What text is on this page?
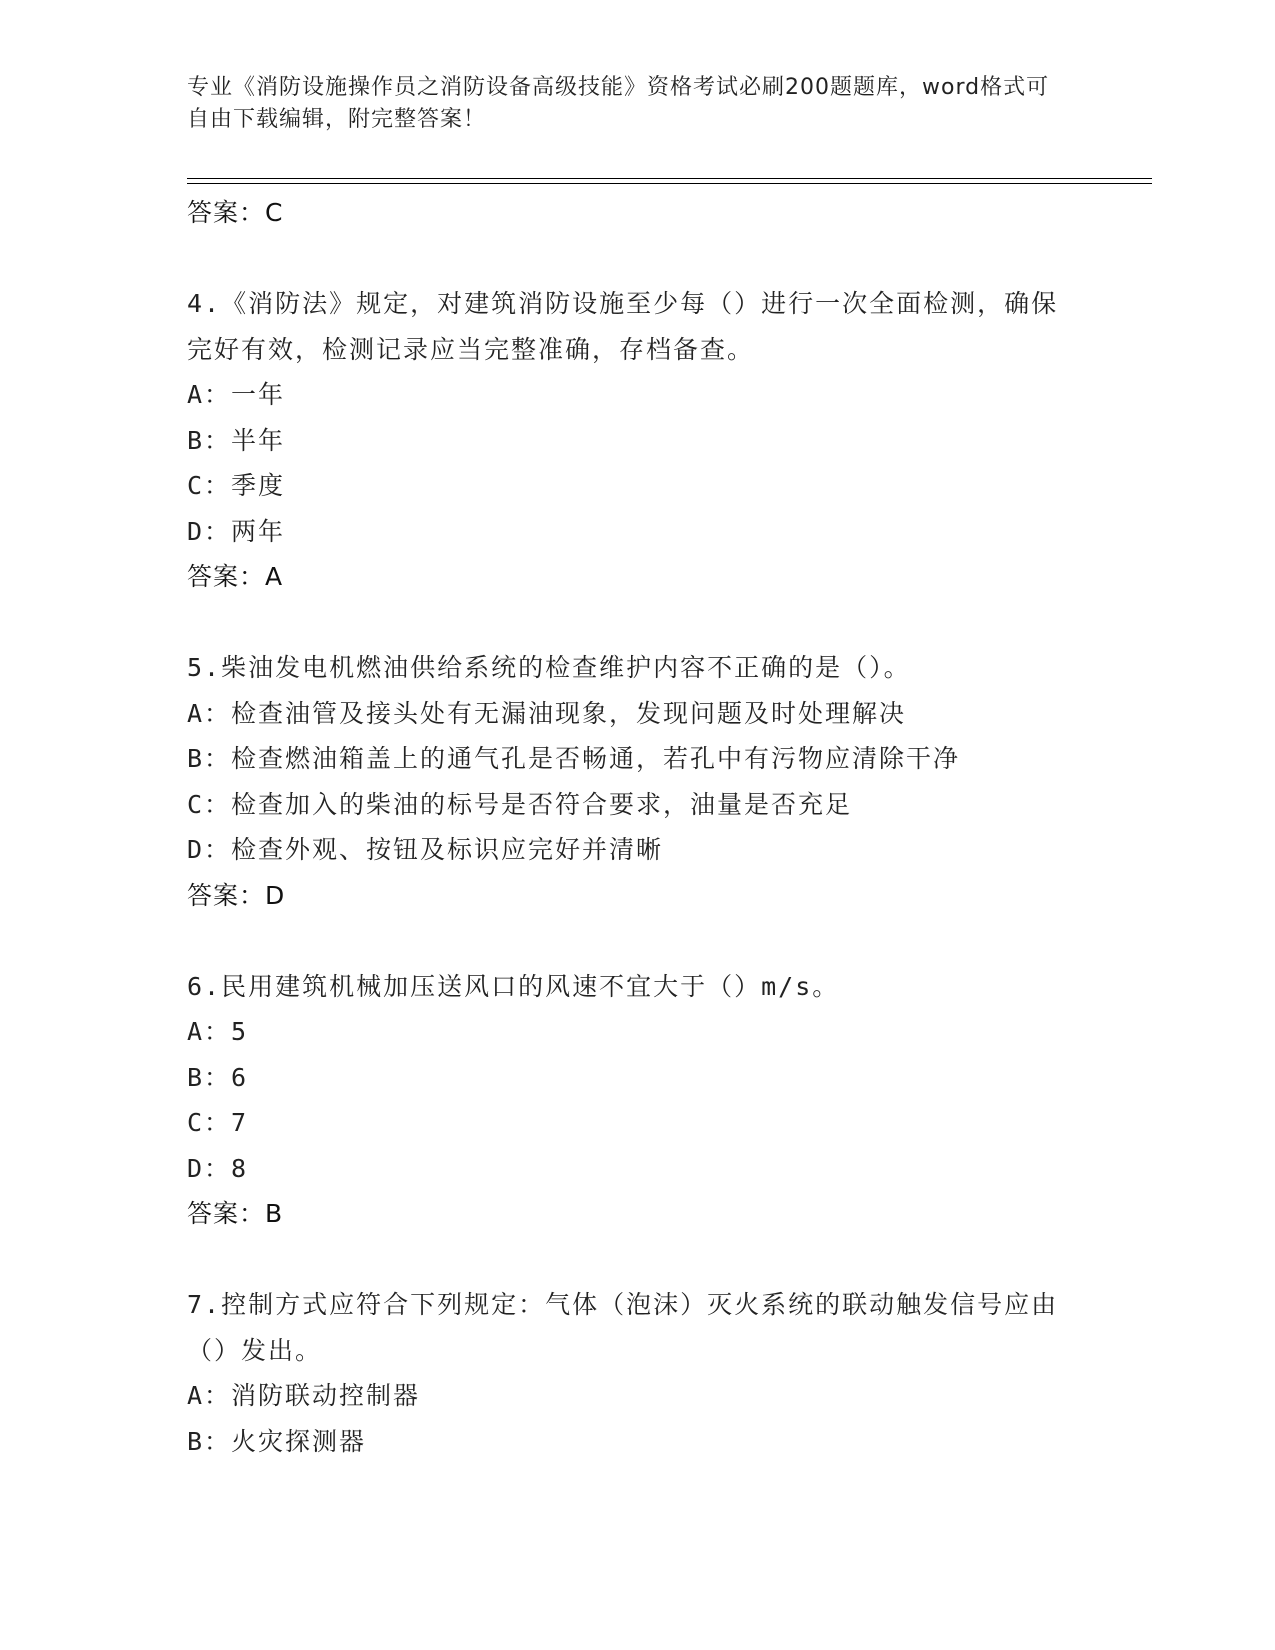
专业《消防设施操作员之消防设备高级技能》资格考试必刷200题题库，word格式可自由下载编辑，附完整答案！
答案：C
4.《消防法》规定，对建筑消防设施至少每（）进行一次全面检测，确保完好有效，检测记录应当完整准确，存档备查。
A：一年
B：半年
C：季度
D：两年
答案：A
5.柴油发电机燃油供给系统的检查维护内容不正确的是（）。
A：检查油管及接头处有无漏油现象，发现问题及时处理解决
B：检查燃油箱盖上的通气孔是否畅通，若孔中有污物应清除干净
C：检查加入的柴油的标号是否符合要求，油量是否充足
D：检查外观、按钮及标识应完好并清晰
答案：D
6.民用建筑机械加压送风口的风速不宜大于（）m/s。
A：5
B：6
C：7
D：8
答案：B
7.控制方式应符合下列规定：气体（泡沫）灭火系统的联动触发信号应由（）发出。
A：消防联动控制器
B：火灾探测器
